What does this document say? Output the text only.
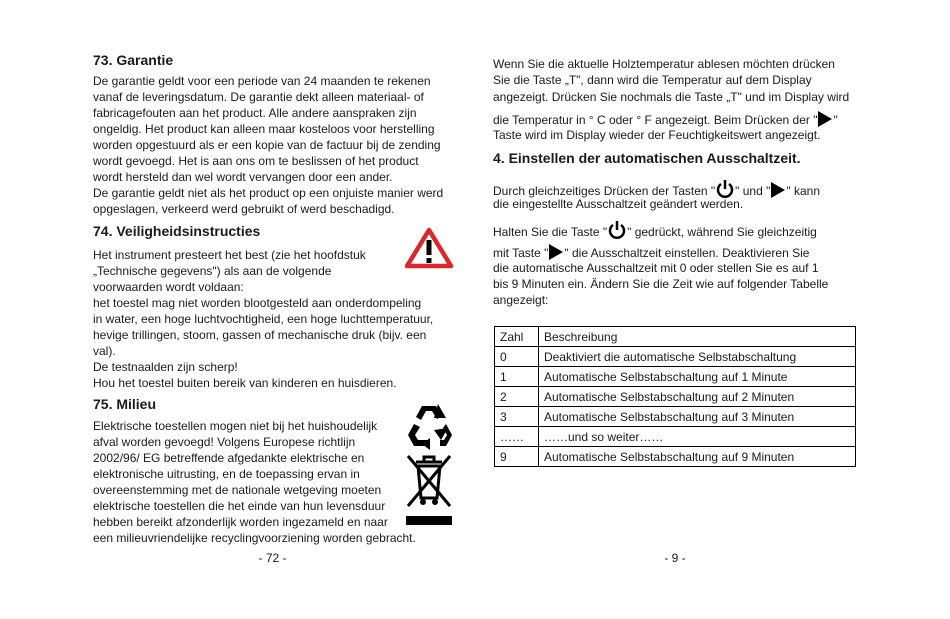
73. Garantie
De garantie geldt voor een periode van 24 maanden te rekenen
vanaf de leveringsdatum. De garantie dekt alleen materiaal- of
fabricagefouten aan het product. Alle andere aanspraken zijn
ongeldig. Het product kan alleen maar kosteloos voor herstelling
worden opgestuurd als er een kopie van de factuur bij de zending
wordt gevoegd. Het is aan ons om te beslissen of het product
wordt hersteld dan wel wordt vervangen door een ander.
De garantie geldt niet als het product op een onjuiste manier werd
opgeslagen, verkeerd werd gebruikt of werd beschadigd.
74. Veiligheidsinstructies
Het instrument presteert het best (zie het hoofdstuk
„Technische gegevens") als aan de volgende
voorwaarden wordt voldaan:
het toestel mag niet worden blootgesteld aan onderdompeling
in water, een hoge luchtvochtigheid, een hoge luchttemperatuur,
hevige trillingen, stoom, gassen of mechanische druk (bijv. een
val).
De testnaalden zijn scherp!
Hou het toestel buiten bereik van kinderen en huisdieren.
75. Milieu
Elektrische toestellen mogen niet bij het huishoudelijk
afval worden gevoegd! Volgens Europese richtlijn
2002/96/ EG betreffende afgedankte elektrische en
elektronische uitrusting, en de toepassing ervan in
overeenstemming met de nationale wetgeving moeten
elektrische toestellen die het einde van hun levensduur
hebben bereikt afzonderlijk worden ingezameld en naar
een milieuvriendelijke recyclingvoorziening worden gebracht.
- 72 -
Wenn Sie die aktuelle Holztemperatur ablesen möchten drücken
Sie die Taste „T", dann wird die Temperatur auf dem Display
angezeigt. Drücken Sie nochmals die Taste „T" und im Display wird
die Temperatur in ° C oder ° F angezeigt. Beim Drücken der " "
Taste wird im Display wieder der Feuchtigkeitswert angezeigt.
4. Einstellen der automatischen Ausschaltzeit.
Durch gleichzeitiges Drücken der Tasten " " und " " kann
die eingestellte Ausschaltzeit geändert werden.
Halten Sie die Taste " " gedrückt, während Sie gleichzeitig
mit Taste " " die Ausschaltzeit einstellen. Deaktivieren Sie
die automatische Ausschaltzeit mit 0 oder stellen Sie es auf 1
bis 9 Minuten ein. Ändern Sie die Zeit wie auf folgender Tabelle
angezeigt:
Zahl	Beschreibung
0	Deaktiviert die automatische Selbstabschaltung
1	Automatische Selbstabschaltung auf 1 Minute
2	Automatische Selbstabschaltung auf 2 Minuten
3	Automatische Selbstabschaltung auf 3 Minuten
……	……und so weiter……
9	Automatische Selbstabschaltung auf 9 Minuten
- 9 -
